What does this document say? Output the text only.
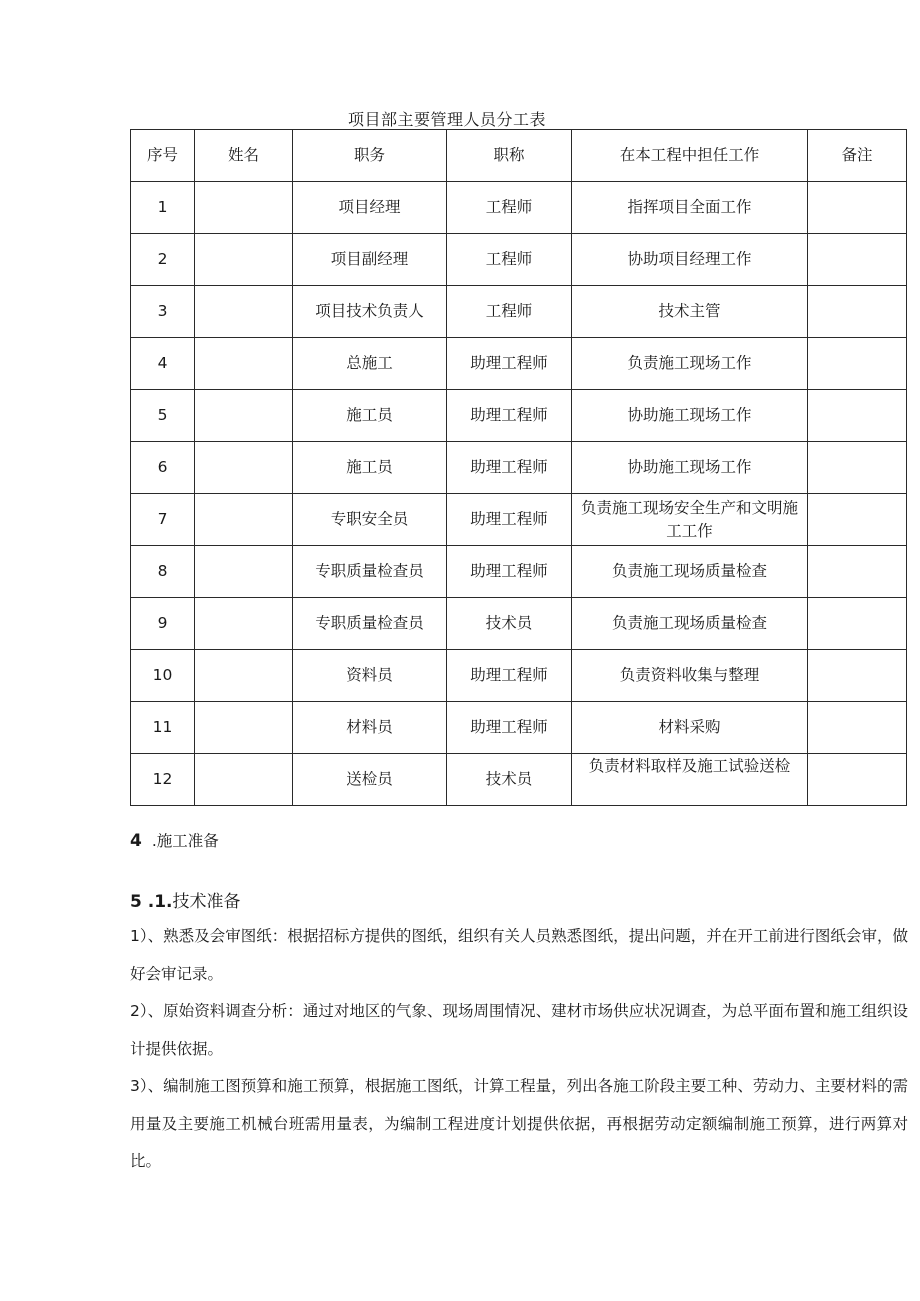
项目部主要管理人员分工表
序号	姓名	职务	职称	在本工程中担任工作	备注
1		项目经理	工程师	指挥项目全面工作	
2		项目副经理	工程师	协助项目经理工作	
3		项目技术负责人	工程师	技术主管	
4		总施工	助理工程师	负责施工现场工作	
5		施工员	助理工程师	协助施工现场工作	
6		施工员	助理工程师	协助施工现场工作	
7		专职安全员	助理工程师	负责施工现场安全生产和文明施工工作	
8		专职质量检查员	助理工程师	负责施工现场质量检查	
9		专职质量检查员	技术员	负责施工现场质量检查	
10		资料员	助理工程师	负责资料收集与整理	
11		材料员	助理工程师	材料采购	
12		送检员	技术员	负责材料取样及施工试验送检	
4 .施工准备
5 .1.技术准备
1）、熟悉及会审图纸：根据招标方提供的图纸，组织有关人员熟悉图纸，提出问题，并在开工前进行图纸会审，做好会审记录。
2）、原始资料调查分析：通过对地区的气象、现场周围情况、建材市场供应状况调查，为总平面布置和施工组织设计提供依据。
3）、编制施工图预算和施工预算，根据施工图纸，计算工程量，列出各施工阶段主要工种、劳动力、主要材料的需用量及主要施工机械台班需用量表，为编制工程进度计划提供依据，再根据劳动定额编制施工预算，进行两算对比。
